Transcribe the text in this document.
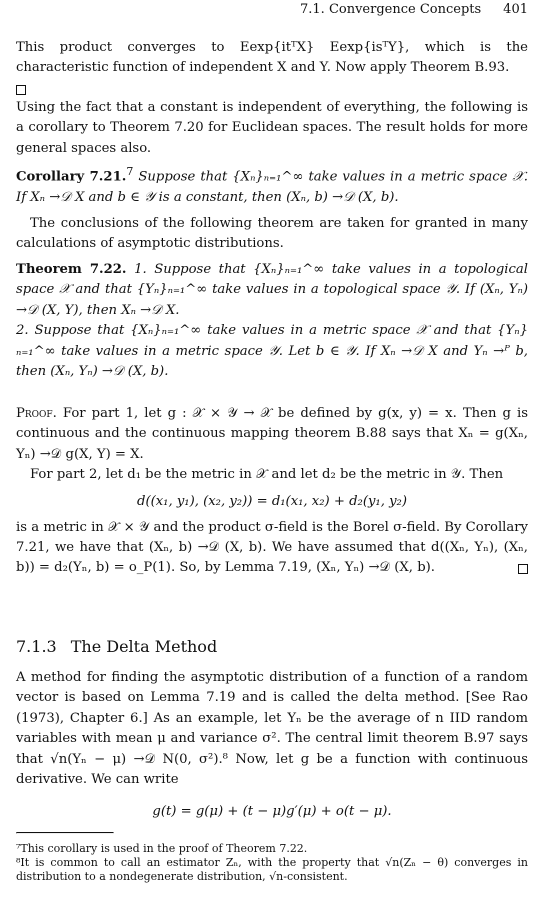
7.1. Convergence Concepts 401

This product converges to Eexp{itᵀX} Eexp{isᵀY}, which is the characteristic function of independent X and Y. Now apply Theorem B.93.

Using the fact that a constant is independent of everything, the following is a corollary to Theorem 7.20 for Euclidean spaces. The result holds for more general spaces also.

Corollary 7.21.$^7$ Suppose that {Xₙ}ₙ₌₁^∞ take values in a metric space 𝒳. If Xₙ →𝒟 X and b ∈ 𝒴 is a constant, then (Xₙ, b) →𝒟 (X, b).

The conclusions of the following theorem are taken for granted in many calculations of asymptotic distributions.

Theorem 7.22. 1. Suppose that {Xₙ}ₙ₌₁^∞ take values in a topological space 𝒳 and that {Yₙ}ₙ₌₁^∞ take values in a topological space 𝒴. If (Xₙ, Yₙ) →𝒟 (X, Y), then Xₙ →𝒟 X.

2. Suppose that {Xₙ}ₙ₌₁^∞ take values in a metric space 𝒳 and that {Yₙ}ₙ₌₁^∞ take values in a metric space 𝒴. Let b ∈ 𝒴. If Xₙ →𝒟 X and Yₙ →ᴾ b, then (Xₙ, Yₙ) →𝒟 (X, b).

Proof. For part 1, let g : 𝒳 × 𝒴 → 𝒳 be defined by g(x, y) = x. Then g is continuous and the continuous mapping theorem B.88 says that Xₙ = g(Xₙ, Yₙ) →𝒟 g(X, Y) = X.

For part 2, let d₁ be the metric in 𝒳 and let d₂ be the metric in 𝒴. Then

d((x₁, y₁), (x₂, y₂)) = d₁(x₁, x₂) + d₂(y₁, y₂)

is a metric in 𝒳 × 𝒴 and the product σ-field is the Borel σ-field. By Corollary 7.21, we have that (Xₙ, b) →𝒟 (X, b). We have assumed that d((Xₙ, Yₙ), (Xₙ, b)) = d₂(Yₙ, b) = o_P(1). So, by Lemma 7.19, (Xₙ, Yₙ) →𝒟 (X, b).

7.1.3 The Delta Method

A method for finding the asymptotic distribution of a function of a random vector is based on Lemma 7.19 and is called the delta method. [See Rao (1973), Chapter 6.] As an example, let Yₙ be the average of n IID random variables with mean μ and variance σ². The central limit theorem B.97 says that √n(Yₙ − μ) →𝒟 N(0, σ²).⁸ Now, let g be a function with continuous derivative. We can write

g(t) = g(μ) + (t − μ)g′(μ) + o(t − μ).

⁷This corollary is used in the proof of Theorem 7.22.

⁸It is common to call an estimator Zₙ, with the property that √n(Zₙ − θ) converges in distribution to a nondegenerate distribution, √n-consistent.
